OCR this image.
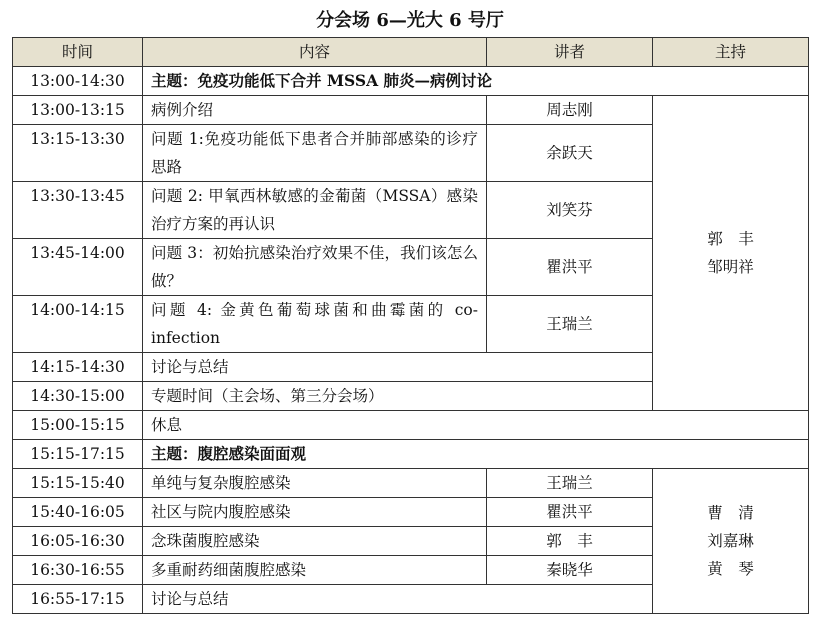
分会场 6—光大 6 号厅
时间	内容	讲者	主持
13:00-14:30	主题：免疫功能低下合并 MSSA 肺炎—病例讨论		
13:00-13:15	病例介绍	周志刚	郭　丰
邹明祥

13:15-13:30	问题 1:免疫功能低下患者合并肺部感染的诊疗思路	余跃天	
13:30-13:45	问题 2: 甲氧西林敏感的金葡菌（MSSA）感染治疗方案的再认识	刘笑芬	
13:45-14:00	问题 3：初始抗感染治疗效果不佳，我们该怎么做？	瞿洪平	
14:00-14:15	问题 4: 金黄色葡萄球菌和曲霉菌的 co-infection	王瑞兰	
14:15-14:30	讨论与总结		
14:30-15:00	专题时间（主会场、第三分会场）		
15:00-15:15	休息		
15:15-17:15	主题：腹腔感染面面观		
15:15-15:40	单纯与复杂腹腔感染	王瑞兰	曹　清
刘嘉琳
黄　琴

15:40-16:05	社区与院内腹腔感染	瞿洪平	
16:05-16:30	念珠菌腹腔感染	郭　丰	
16:30-16:55	多重耐药细菌腹腔感染	秦晓华	
16:55-17:15	讨论与总结		
